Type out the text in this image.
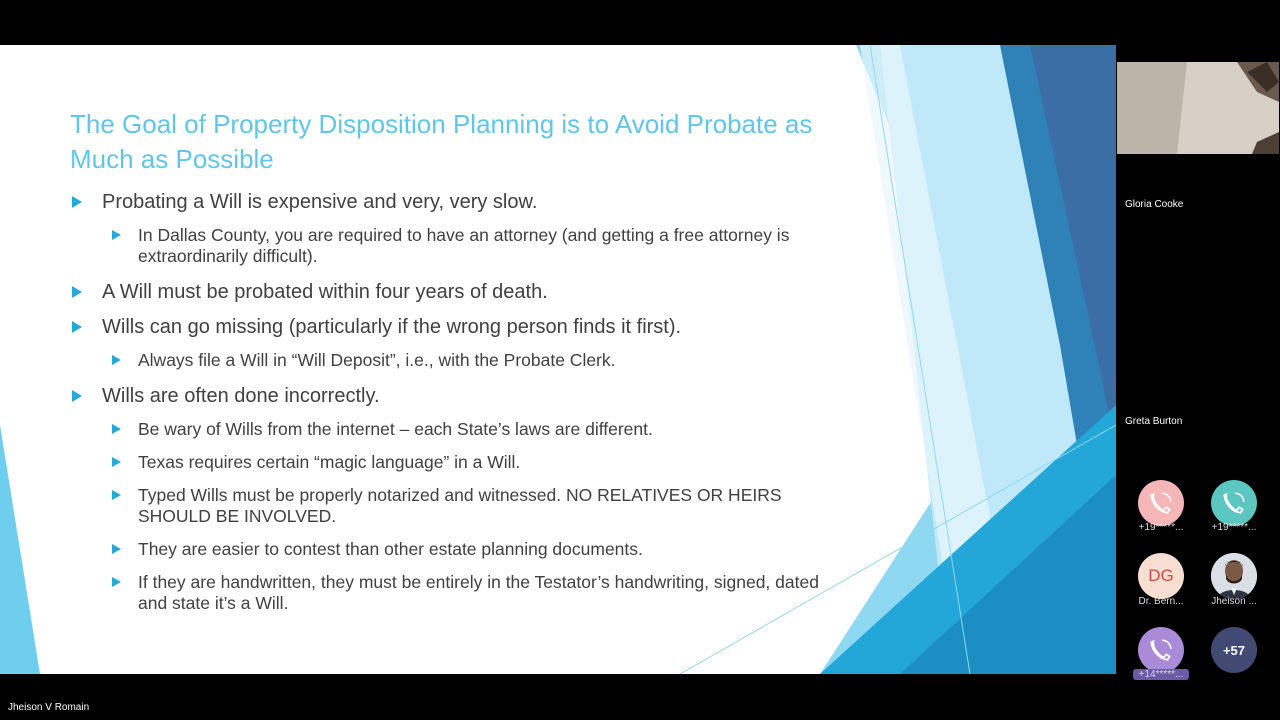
The Goal of Property Disposition Planning is to Avoid Probate as Much as Possible
Probating a Will is expensive and very, very slow.
In Dallas County, you are required to have an attorney (and getting a free attorney is extraordinarily difficult).
A Will must be probated within four years of death.
Wills can go missing (particularly if the wrong person finds it first).
Always file a Will in “Will Deposit”, i.e., with the Probate Clerk.
Wills are often done incorrectly.
Be wary of Wills from the internet – each State’s laws are different.
Texas requires certain “magic language” in a Will.
Typed Wills must be properly notarized and witnessed. NO RELATIVES OR HEIRS SHOULD BE INVOLVED.
They are easier to contest than other estate planning documents.
If they are handwritten, they must be entirely in the Testator’s handwriting, signed, dated and state it’s a Will.
Gloria Cooke
Greta Burton
+19*****...	+19*****...
DG
Dr. Bern...	Jheison ...
+14*****...
+57
Jheison V Romain
